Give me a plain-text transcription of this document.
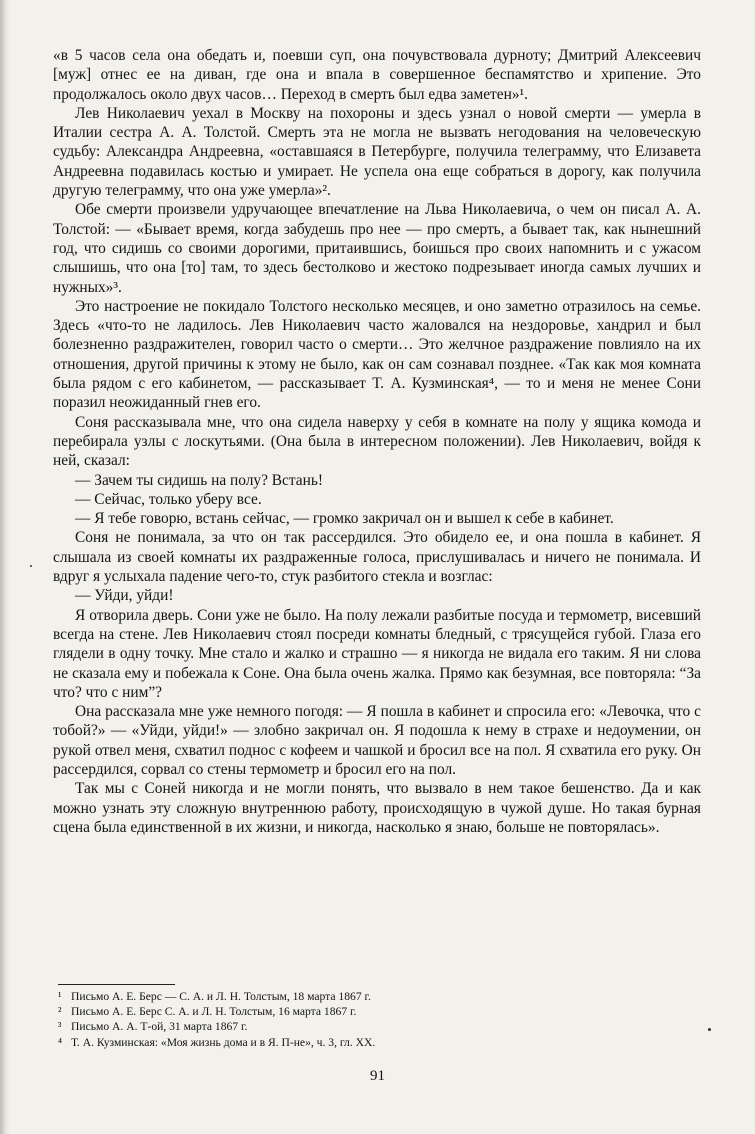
«в 5 часов села она обедать и, поевши суп, она почувствовала дурноту; Дмитрий Алексеевич [муж] отнес ее на диван, где она и впала в совершенное беспамятство и хрипение. Это продолжалось около двух часов… Переход в смерть был едва заметен»¹.

Лев Николаевич уехал в Москву на похороны и здесь узнал о новой смерти — умерла в Италии сестра А. А. Толстой. Смерть эта не могла не вызвать негодования на человеческую судьбу: Александра Андреевна, «оставшаяся в Петербурге, получила телеграмму, что Елизавета Андреевна подавилась костью и умирает. Не успела она еще собраться в дорогу, как получила другую телеграмму, что она уже умерла»².

Обе смерти произвели удручающее впечатление на Льва Николаевича, о чем он писал А. А. Толстой: — «Бывает время, когда забудешь про нее — про смерть, а бывает так, как нынешний год, что сидишь со своими дорогими, притаившись, боишься про своих напомнить и с ужасом слышишь, что она [то] там, то здесь бестолково и жестоко подрезывает иногда самых лучших и нужных»³.

Это настроение не покидало Толстого несколько месяцев, и оно заметно отразилось на семье. Здесь «что-то не ладилось. Лев Николаевич часто жаловался на нездоровье, хандрил и был болезненно раздражителен, говорил часто о смерти… Это желчное раздражение повлияло на их отношения, другой причины к этому не было, как он сам сознавал позднее. «Так как моя комната была рядом с его кабинетом, — рассказывает Т. А. Кузминская⁴, — то и меня не менее Сони поразил неожиданный гнев его.

Соня рассказывала мне, что она сидела наверху у себя в комнате на полу у ящика комода и перебирала узлы с лоскутьями. (Она была в интересном положении). Лев Николаевич, войдя к ней, сказал:

— Зачем ты сидишь на полу? Встань!

— Сейчас, только уберу все.

— Я тебе говорю, встань сейчас, — громко закричал он и вышел к себе в кабинет.

Соня не понимала, за что он так рассердился. Это обидело ее, и она пошла в кабинет. Я слышала из своей комнаты их раздраженные голоса, прислушивалась и ничего не понимала. И вдруг я услыхала падение чего-то, стук разбитого стекла и возглас:

— Уйди, уйди!

Я отворила дверь. Сони уже не было. На полу лежали разбитые посуда и термометр, висевший всегда на стене. Лев Николаевич стоял посреди комнаты бледный, с трясущейся губой. Глаза его глядели в одну точку. Мне стало и жалко и страшно — я никогда не видала его таким. Я ни слова не сказала ему и побежала к Соне. Она была очень жалка. Прямо как безумная, все повторяла: “За что? что с ним”?

Она рассказала мне уже немного погодя: — Я пошла в кабинет и спросила его: «Левочка, что с тобой?» — «Уйди, уйди!» — злобно закричал он. Я подошла к нему в страхе и недоумении, он рукой отвел меня, схватил поднос с кофеем и чашкой и бросил все на пол. Я схватила его руку. Он рассердился, сорвал со стены термометр и бросил его на пол.

Так мы с Соней никогда и не могли понять, что вызвало в нем такое бешенство. Да и как можно узнать эту сложную внутреннюю работу, происходящую в чужой душе. Но такая бурная сцена была единственной в их жизни, и никогда, насколько я знаю, больше не повторялась».

¹ Письмо А. Е. Берс — С. А. и Л. Н. Толстым, 18 марта 1867 г.
² Письмо А. Е. Берс С. А. и Л. Н. Толстым, 16 марта 1867 г.
³ Письмо А. А. Т-ой, 31 марта 1867 г.
⁴ Т. А. Кузминская: «Моя жизнь дома и в Я. П-не», ч. 3, гл. XX.
91
